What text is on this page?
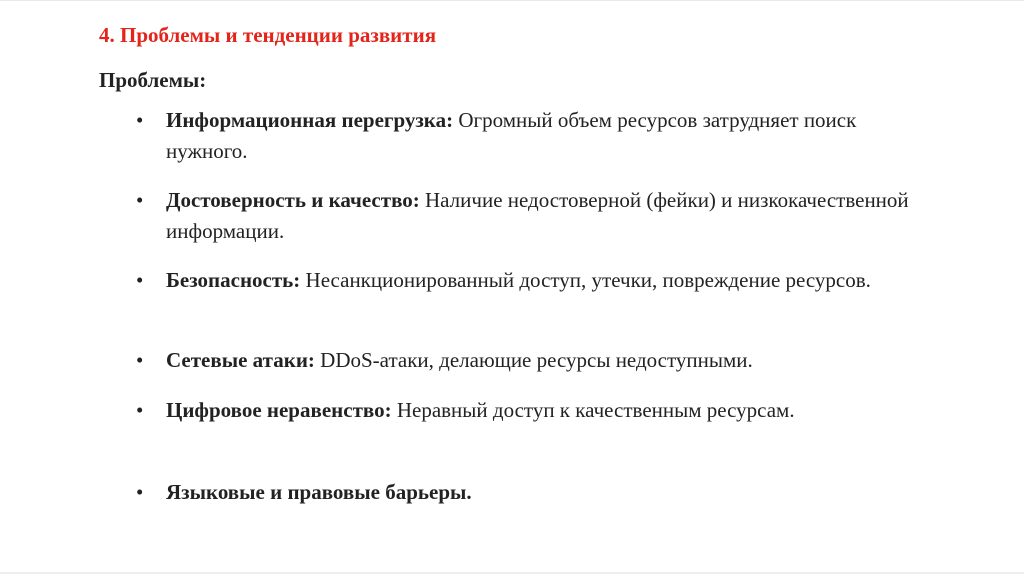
4. Проблемы и тенденции развития
Проблемы:
• Информационная перегрузка: Огромный объем ресурсов затрудняет поиск нужного.
• Достоверность и качество: Наличие недостоверной (фейки) и низкокачественной информации.
• Безопасность: Несанкционированный доступ, утечки, повреждение ресурсов.
• Сетевые атаки: DDoS-атаки, делающие ресурсы недоступными.
• Цифровое неравенство: Неравный доступ к качественным ресурсам.
• Языковые и правовые барьеры.
